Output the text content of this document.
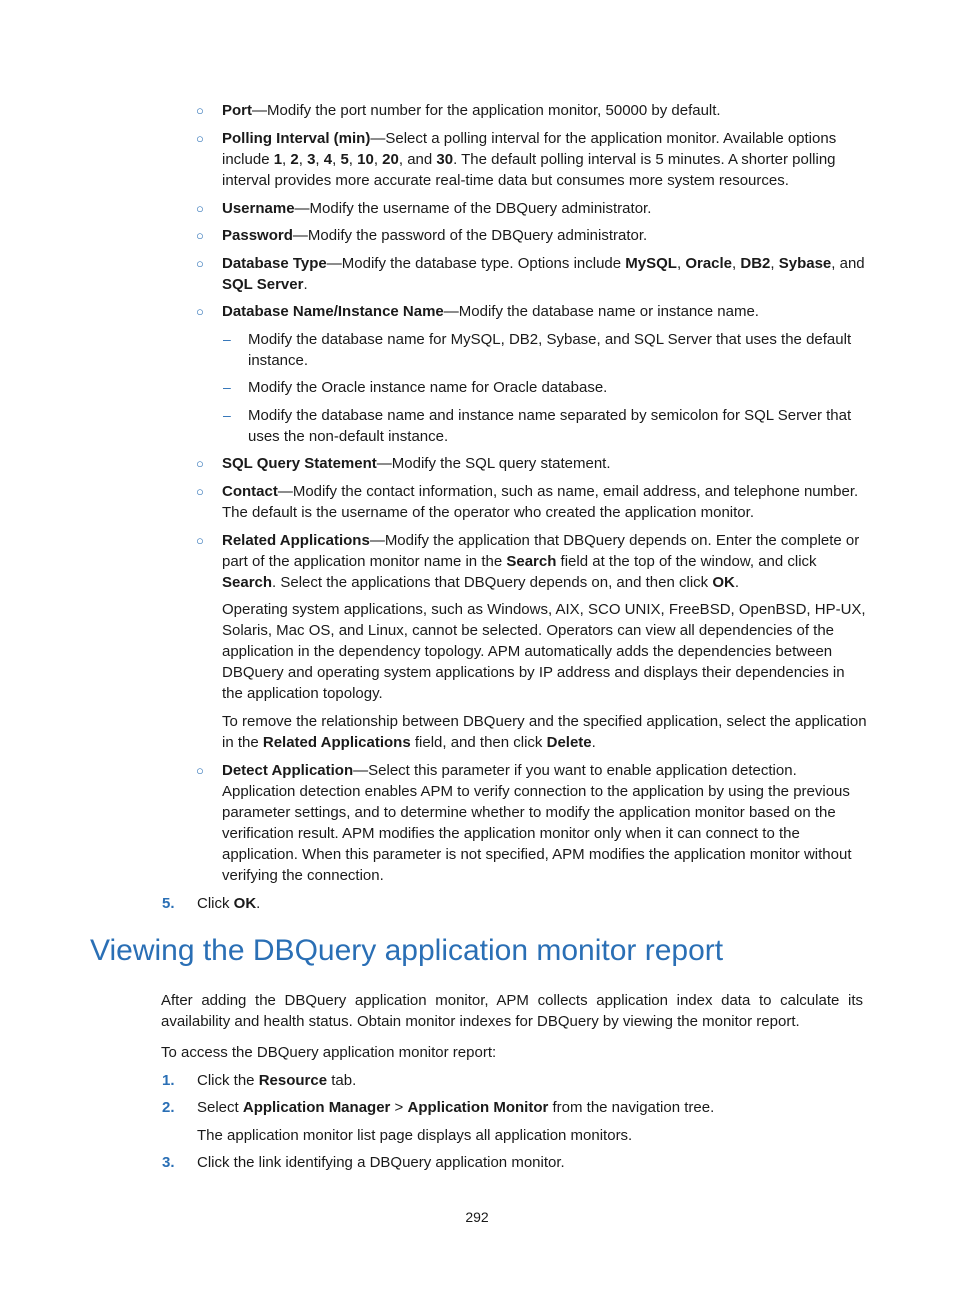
○ Port—Modify the port number for the application monitor, 50000 by default.
○ Polling Interval (min)—Select a polling interval for the application monitor. Available options include 1, 2, 3, 4, 5, 10, 20, and 30. The default polling interval is 5 minutes. A shorter polling interval provides more accurate real-time data but consumes more system resources.
○ Username—Modify the username of the DBQuery administrator.
○ Password—Modify the password of the DBQuery administrator.
○ Database Type—Modify the database type. Options include MySQL, Oracle, DB2, Sybase, and SQL Server.
○ Database Name/Instance Name—Modify the database name or instance name.
– Modify the database name for MySQL, DB2, Sybase, and SQL Server that uses the default instance.
– Modify the Oracle instance name for Oracle database.
– Modify the database name and instance name separated by semicolon for SQL Server that uses the non-default instance.
○ SQL Query Statement—Modify the SQL query statement.
○ Contact—Modify the contact information, such as name, email address, and telephone number. The default is the username of the operator who created the application monitor.
○ Related Applications—Modify the application that DBQuery depends on. Enter the complete or part of the application monitor name in the Search field at the top of the window, and click Search. Select the applications that DBQuery depends on, and then click OK.
Operating system applications, such as Windows, AIX, SCO UNIX, FreeBSD, OpenBSD, HP-UX, Solaris, Mac OS, and Linux, cannot be selected. Operators can view all dependencies of the application in the dependency topology. APM automatically adds the dependencies between DBQuery and operating system applications by IP address and displays their dependencies in the application topology.
To remove the relationship between DBQuery and the specified application, select the application in the Related Applications field, and then click Delete.
○ Detect Application—Select this parameter if you want to enable application detection. Application detection enables APM to verify connection to the application by using the previous parameter settings, and to determine whether to modify the application monitor based on the verification result. APM modifies the application monitor only when it can connect to the application. When this parameter is not specified, APM modifies the application monitor without verifying the connection.
5. Click OK.
Viewing the DBQuery application monitor report
After adding the DBQuery application monitor, APM collects application index data to calculate its availability and health status. Obtain monitor indexes for DBQuery by viewing the monitor report.
To access the DBQuery application monitor report:
1. Click the Resource tab.
2. Select Application Manager > Application Monitor from the navigation tree.
The application monitor list page displays all application monitors.
3. Click the link identifying a DBQuery application monitor.
292
